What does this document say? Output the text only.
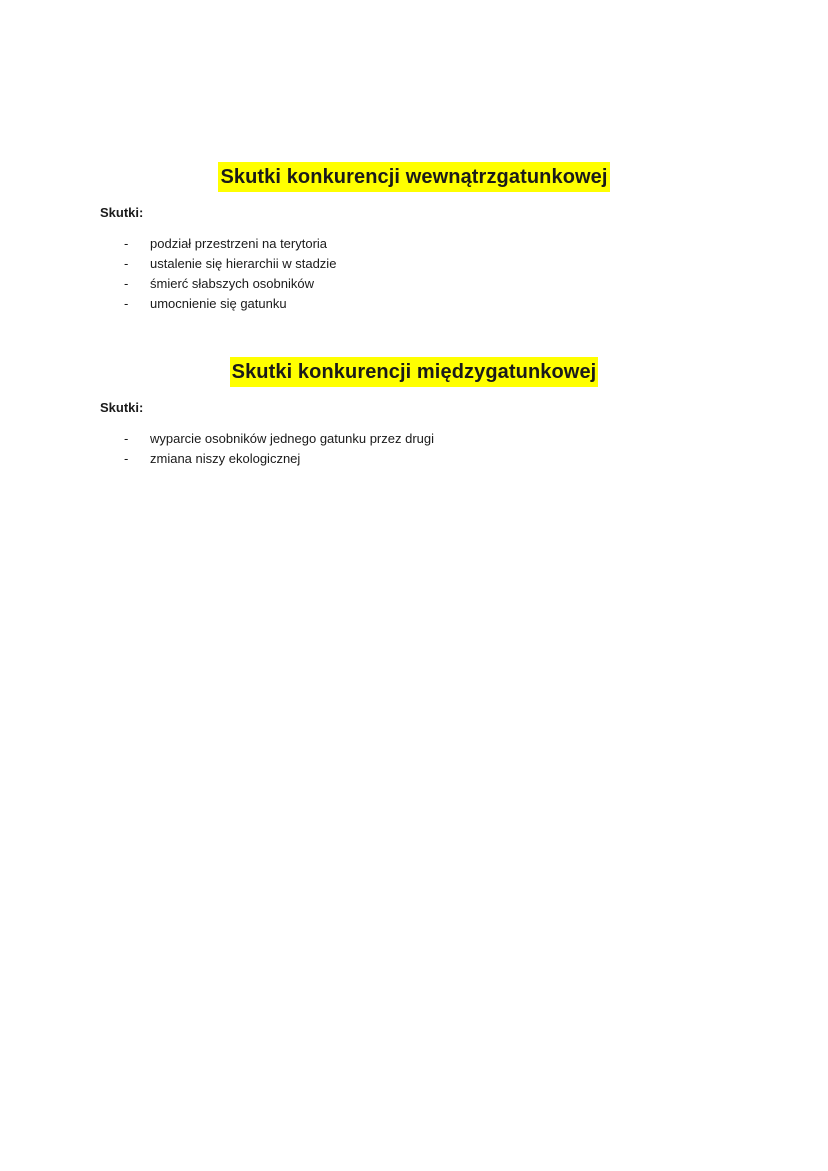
Skutki konkurencji wewnątrzgatunkowej
Skutki:
- podział przestrzeni na terytoria
- ustalenie się hierarchii w stadzie
- śmierć słabszych osobników
- umocnienie się gatunku
Skutki konkurencji międzygatunkowej
Skutki:
- wyparcie osobników jednego gatunku przez drugi
- zmiana niszy ekologicznej
